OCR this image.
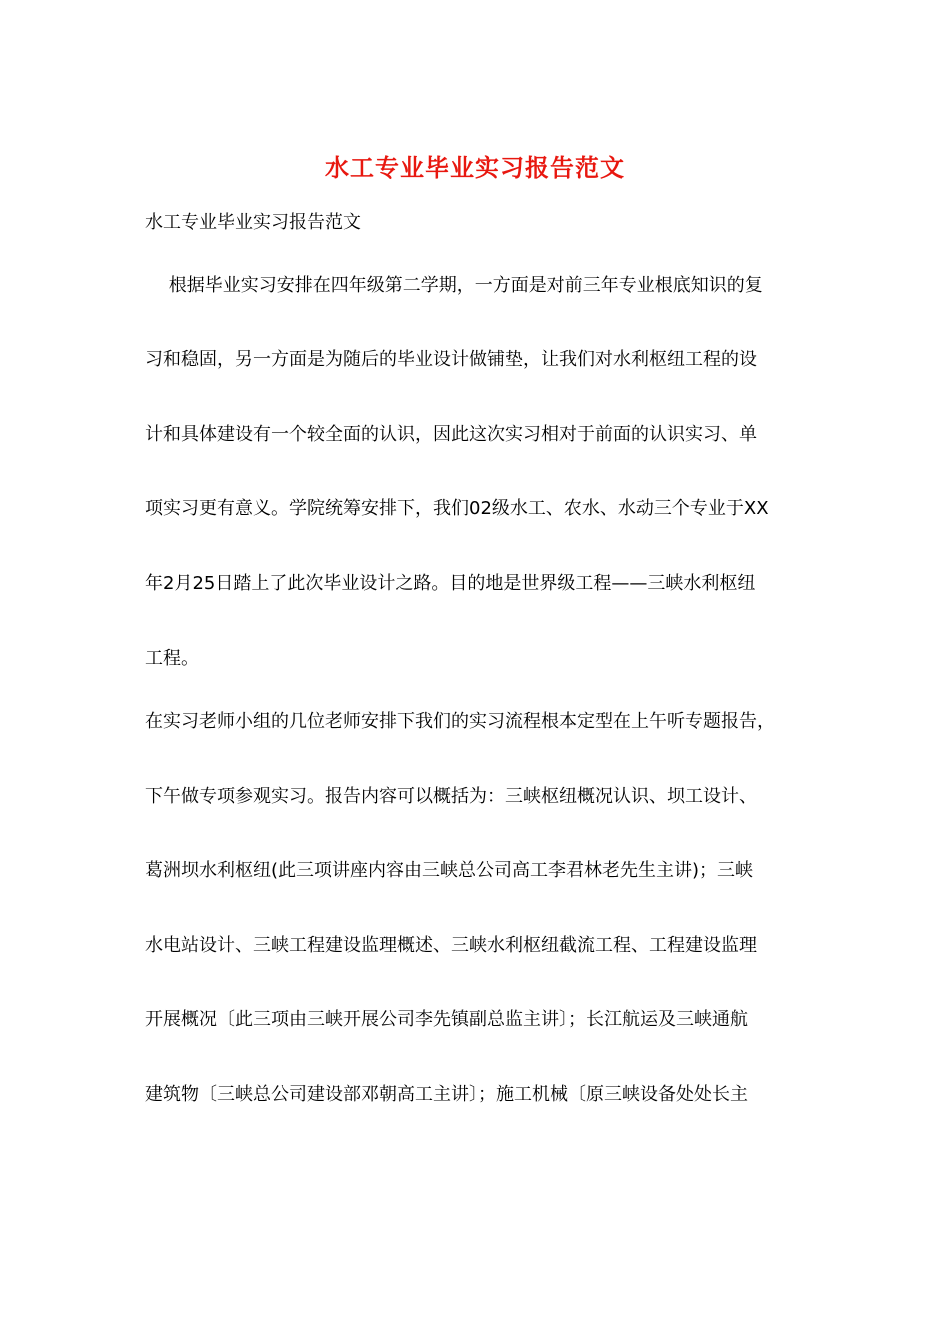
水工专业毕业实习报告范文
水工专业毕业实习报告范文
　 根据毕业实习安排在四年级第二学期，一方面是对前三年专业根底知识的复
习和稳固，另一方面是为随后的毕业设计做铺垫，让我们对水利枢纽工程的设
计和具体建设有一个较全面的认识，因此这次实习相对于前面的认识实习、单
项实习更有意义。学院统筹安排下，我们02级水工、农水、水动三个专业于XX
年2月25日踏上了此次毕业设计之路。目的地是世界级工程——三峡水利枢纽
工程。
在实习老师小组的几位老师安排下我们的实习流程根本定型在上午听专题报告，
下午做专项参观实习。报告内容可以概括为：三峡枢纽概况认识、坝工设计、
葛洲坝水利枢纽(此三项讲座内容由三峡总公司高工李君林老先生主讲)；三峡
水电站设计、三峡工程建设监理概述、三峡水利枢纽截流工程、工程建设监理
开展概况〔此三项由三峡开展公司李先镇副总监主讲〕；长江航运及三峡通航
建筑物〔三峡总公司建设部邓朝高工主讲〕；施工机械〔原三峡设备处处长主
